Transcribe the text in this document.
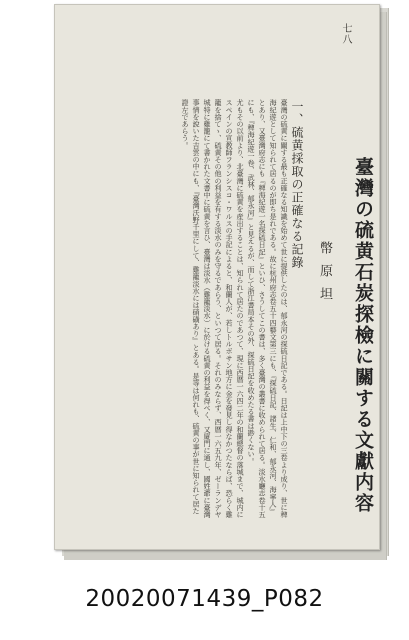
七八
臺灣の硫黄石炭探檢に關する文獻内容
幣原坦
一、硫黄採取の正確なる記錄

臺灣の硫黄に關する最も正確なる知識を始めて世に提供したのは、郁永河の探硫日記である。日記は上中下の三卷より成り、世に稗海紀遊として知られて居るのが即ち是れである。故に杭州府志卷五十四藝文第三にも、『探硫日記、諸生、仁和、郁永河、海寧人』とあり、又臺灣府志にも『稗海紀遊一名探硫日記』といひ、さうしてこの書は、多く臺灣の叢書に收められて居る。淡水廳志卷十五にも、『稗海紀遊一卷、武林、郁永河』と見えるが、而して浙江書局本その外、探硫日記を收めたる書は尠くない。

尤もその以前より、北臺灣に硫黄を産出することは、知られて居たのであつて、現に西暦一六四二年の和蘭總督の落城まで、城内にスペインの宣教師フランシスコ・ワルスの手記によると、和蘭人が、若しトルボサン地方に金を發見し得なかつたならば、恐らく雞籠を捨てゝ、硫黄その他の利益を有する淡水のみを守るであらう、といつて居る。それのみならず、西暦一六五九年、ゼーランデヤ城特に雞籠にて書かれた文書中に硫黄を言ひ、臺灣は淡水（雞籠淡水）に於ける硫黄の利益を得べく、又廈門に通し、國姓爺に臺灣事情を說いた吉雲の中にも、『臺灣沃野千里にして、雞籠淡水には硝磺あり』とある。是等は何れも、硫黄の事が世に知られて居た證左であらう。

20020071439_P082
